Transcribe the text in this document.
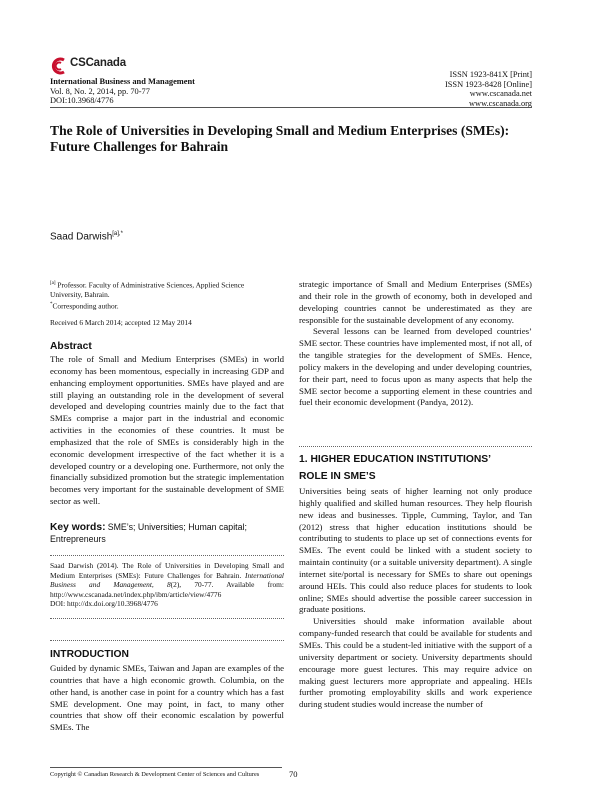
CSCanada
International Business and Management
Vol. 8, No. 2, 2014, pp. 70-77
DOI:10.3968/4776
ISSN 1923-841X [Print]
ISSN 1923-8428 [Online]
www.cscanada.net
www.cscanada.org
The Role of Universities in Developing Small and Medium Enterprises (SMEs):
Future Challenges for Bahrain
Saad Darwish$^{[a],*}$
[a] Professor. Faculty of Administrative Sciences, Applied Science
University, Bahrain.
*Corresponding author.
Received 6 March 2014; accepted 12 May 2014
Abstract
The role of Small and Medium Enterprises (SMEs) in world economy has been momentous, especially in increasing GDP and enhancing employment opportunities. SMEs have played and are still playing an outstanding role in the development of several developed and developing countries mainly due to the fact that SMEs comprise a major part in the industrial and economic activities in the economies of these countries. It must be emphasized that the role of SMEs is considerably high in the economic development irrespective of the fact whether it is a developed country or a developing one. Furthermore, not only the financially subsidized promotion but the strategic implementation becomes very important for the sustainable development of SME sector as well.
Key words: SME’s; Universities; Human capital; Entrepreneurs
Saad Darwish (2014). The Role of Universities in Developing Small and Medium Enterprises (SMEs): Future Challenges for Bahrain. International Business and Management, 8(2), 70-77. Available from: http://www.cscanada.net/index.php/ibm/article/view/4776
DOI: http://dx.doi.org/10.3968/4776
INTRODUCTION
Guided by dynamic SMEs, Taiwan and Japan are examples of the countries that have a high economic growth. Columbia, on the other hand, is another case in point for a country which has a fast SME development. One may point, in fact, to many other countries that show off their economic escalation by powerful SMEs. The

strategic importance of Small and Medium Enterprises (SMEs) and their role in the growth of economy, both in developed and developing countries cannot be underestimated as they are responsible for the sustainable development of any economy.

Several lessons can be learned from developed countries’ SME sector. These countries have implemented most, if not all, of the tangible strategies for the development of SMEs. Hence, policy makers in the developing and under developing countries, for their part, need to focus upon as many aspects that help the SME sector become a supporting element in these countries and fuel their economic development (Pandya, 2012).

1. HIGHER EDUCATION INSTITUTIONS’
ROLE IN SME’S

Universities being seats of higher learning not only produce highly qualified and skilled human resources. They help flourish new ideas and businesses. Tipple, Cumming, Taylor, and Tan (2012) stress that higher education institutions should be contributing to students to place up set of connections events for SMEs. The event could be linked with a student society to maintain continuity (or a suitable university department). A single internet site/portal is necessary for SMEs to share out openings around HEIs. This could also reduce places for students to look online; SMEs should advertise the possible career succession in graduate positions.

Universities should make information available about company-funded research that could be available for students and SMEs. This could be a student-led initiative with the support of a university department or society. University departments should encourage more guest lectures. This may require advice on making guest lecturers more appropriate and appealing. HEIs further promoting employability skills and work experience during student studies would increase the number of

Copyright © Canadian Research & Development Center of Sciences and Cultures	70
